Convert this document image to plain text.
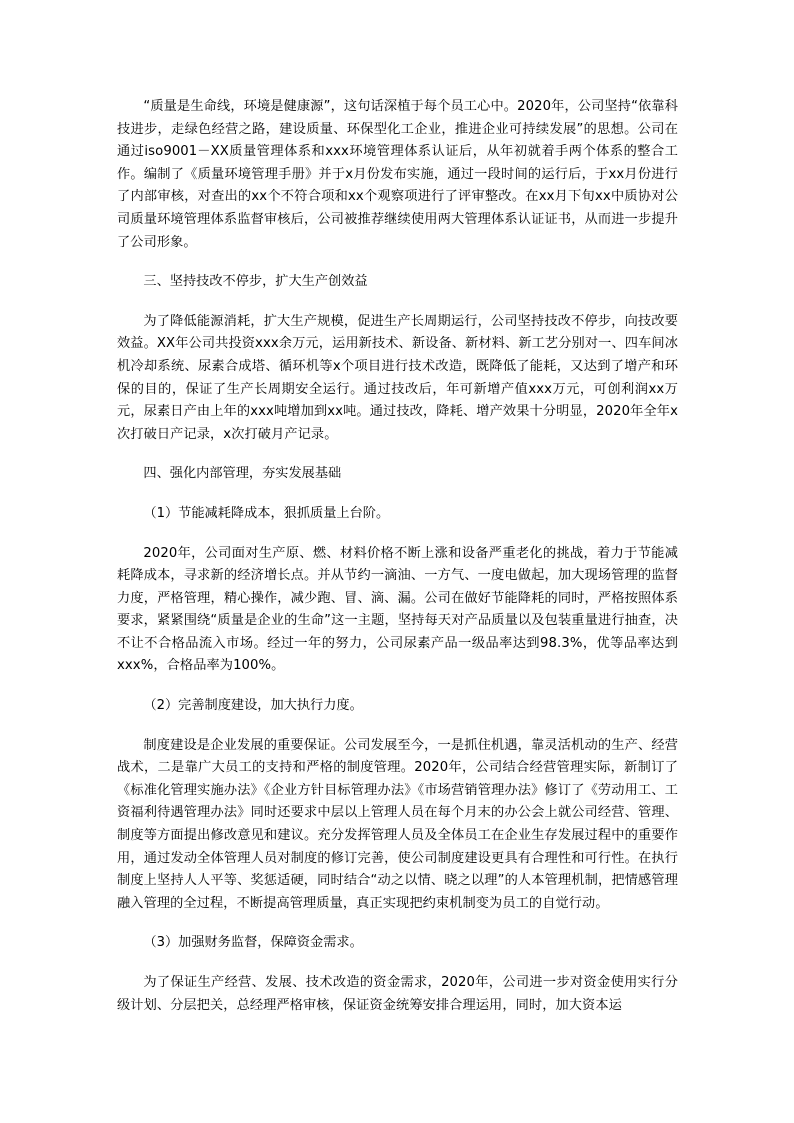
“质量是生命线，环境是健康源”，这句话深植于每个员工心中。2020年，公司坚持“依靠科技进步，走绿色经营之路，建设质量、环保型化工企业，推进企业可持续发展”的思想。公司在通过iso9001－XX质量管理体系和xxx环境管理体系认证后，从年初就着手两个体系的整合工作。编制了《质量环境管理手册》并于x月份发布实施，通过一段时间的运行后，于xx月份进行了内部审核，对查出的xx个不符合项和xx个观察项进行了评审整改。在xx月下旬xx中质协对公司质量环境管理体系监督审核后，公司被推荐继续使用两大管理体系认证证书，从而进一步提升了公司形象。

三、坚持技改不停步，扩大生产创效益

为了降低能源消耗，扩大生产规模，促进生产长周期运行，公司坚持技改不停步，向技改要效益。XX年公司共投资xxx余万元，运用新技术、新设备、新材料、新工艺分别对一、四车间冰机冷却系统、尿素合成塔、循环机等x个项目进行技术改造，既降低了能耗，又达到了增产和环保的目的，保证了生产长周期安全运行。通过技改后，年可新增产值xxx万元，可创利润xx万元，尿素日产由上年的xxx吨增加到xx吨。通过技改，降耗、增产效果十分明显，2020年全年x次打破日产记录，x次打破月产记录。

四、强化内部管理，夯实发展基础

（1）节能减耗降成本，狠抓质量上台阶。

2020年，公司面对生产原、燃、材料价格不断上涨和设备严重老化的挑战，着力于节能减耗降成本，寻求新的经济增长点。并从节约一滴油、一方气、一度电做起，加大现场管理的监督力度，严格管理，精心操作，减少跑、冒、滴、漏。公司在做好节能降耗的同时，严格按照体系要求，紧紧围绕“质量是企业的生命”这一主题，坚持每天对产品质量以及包装重量进行抽查，决不让不合格品流入市场。经过一年的努力，公司尿素产品一级品率达到98.3%，优等品率达到xxx%，合格品率为100%。

（2）完善制度建设，加大执行力度。

制度建设是企业发展的重要保证。公司发展至今，一是抓住机遇，靠灵活机动的生产、经营战术，二是靠广大员工的支持和严格的制度管理。2020年，公司结合经营管理实际，新制订了《标准化管理实施办法》《企业方针目标管理办法》《市场营销管理办法》修订了《劳动用工、工资福利待遇管理办法》同时还要求中层以上管理人员在每个月末的办公会上就公司经营、管理、制度等方面提出修改意见和建议。充分发挥管理人员及全体员工在企业生存发展过程中的重要作用，通过发动全体管理人员对制度的修订完善，使公司制度建设更具有合理性和可行性。在执行制度上坚持人人平等、奖惩适硬，同时结合“动之以情、晓之以理”的人本管理机制，把情感管理融入管理的全过程，不断提高管理质量，真正实现把约束机制变为员工的自觉行动。

（3）加强财务监督，保障资金需求。

为了保证生产经营、发展、技术改造的资金需求，2020年，公司进一步对资金使用实行分级计划、分层把关，总经理严格审核，保证资金统筹安排合理运用，同时，加大资本运
